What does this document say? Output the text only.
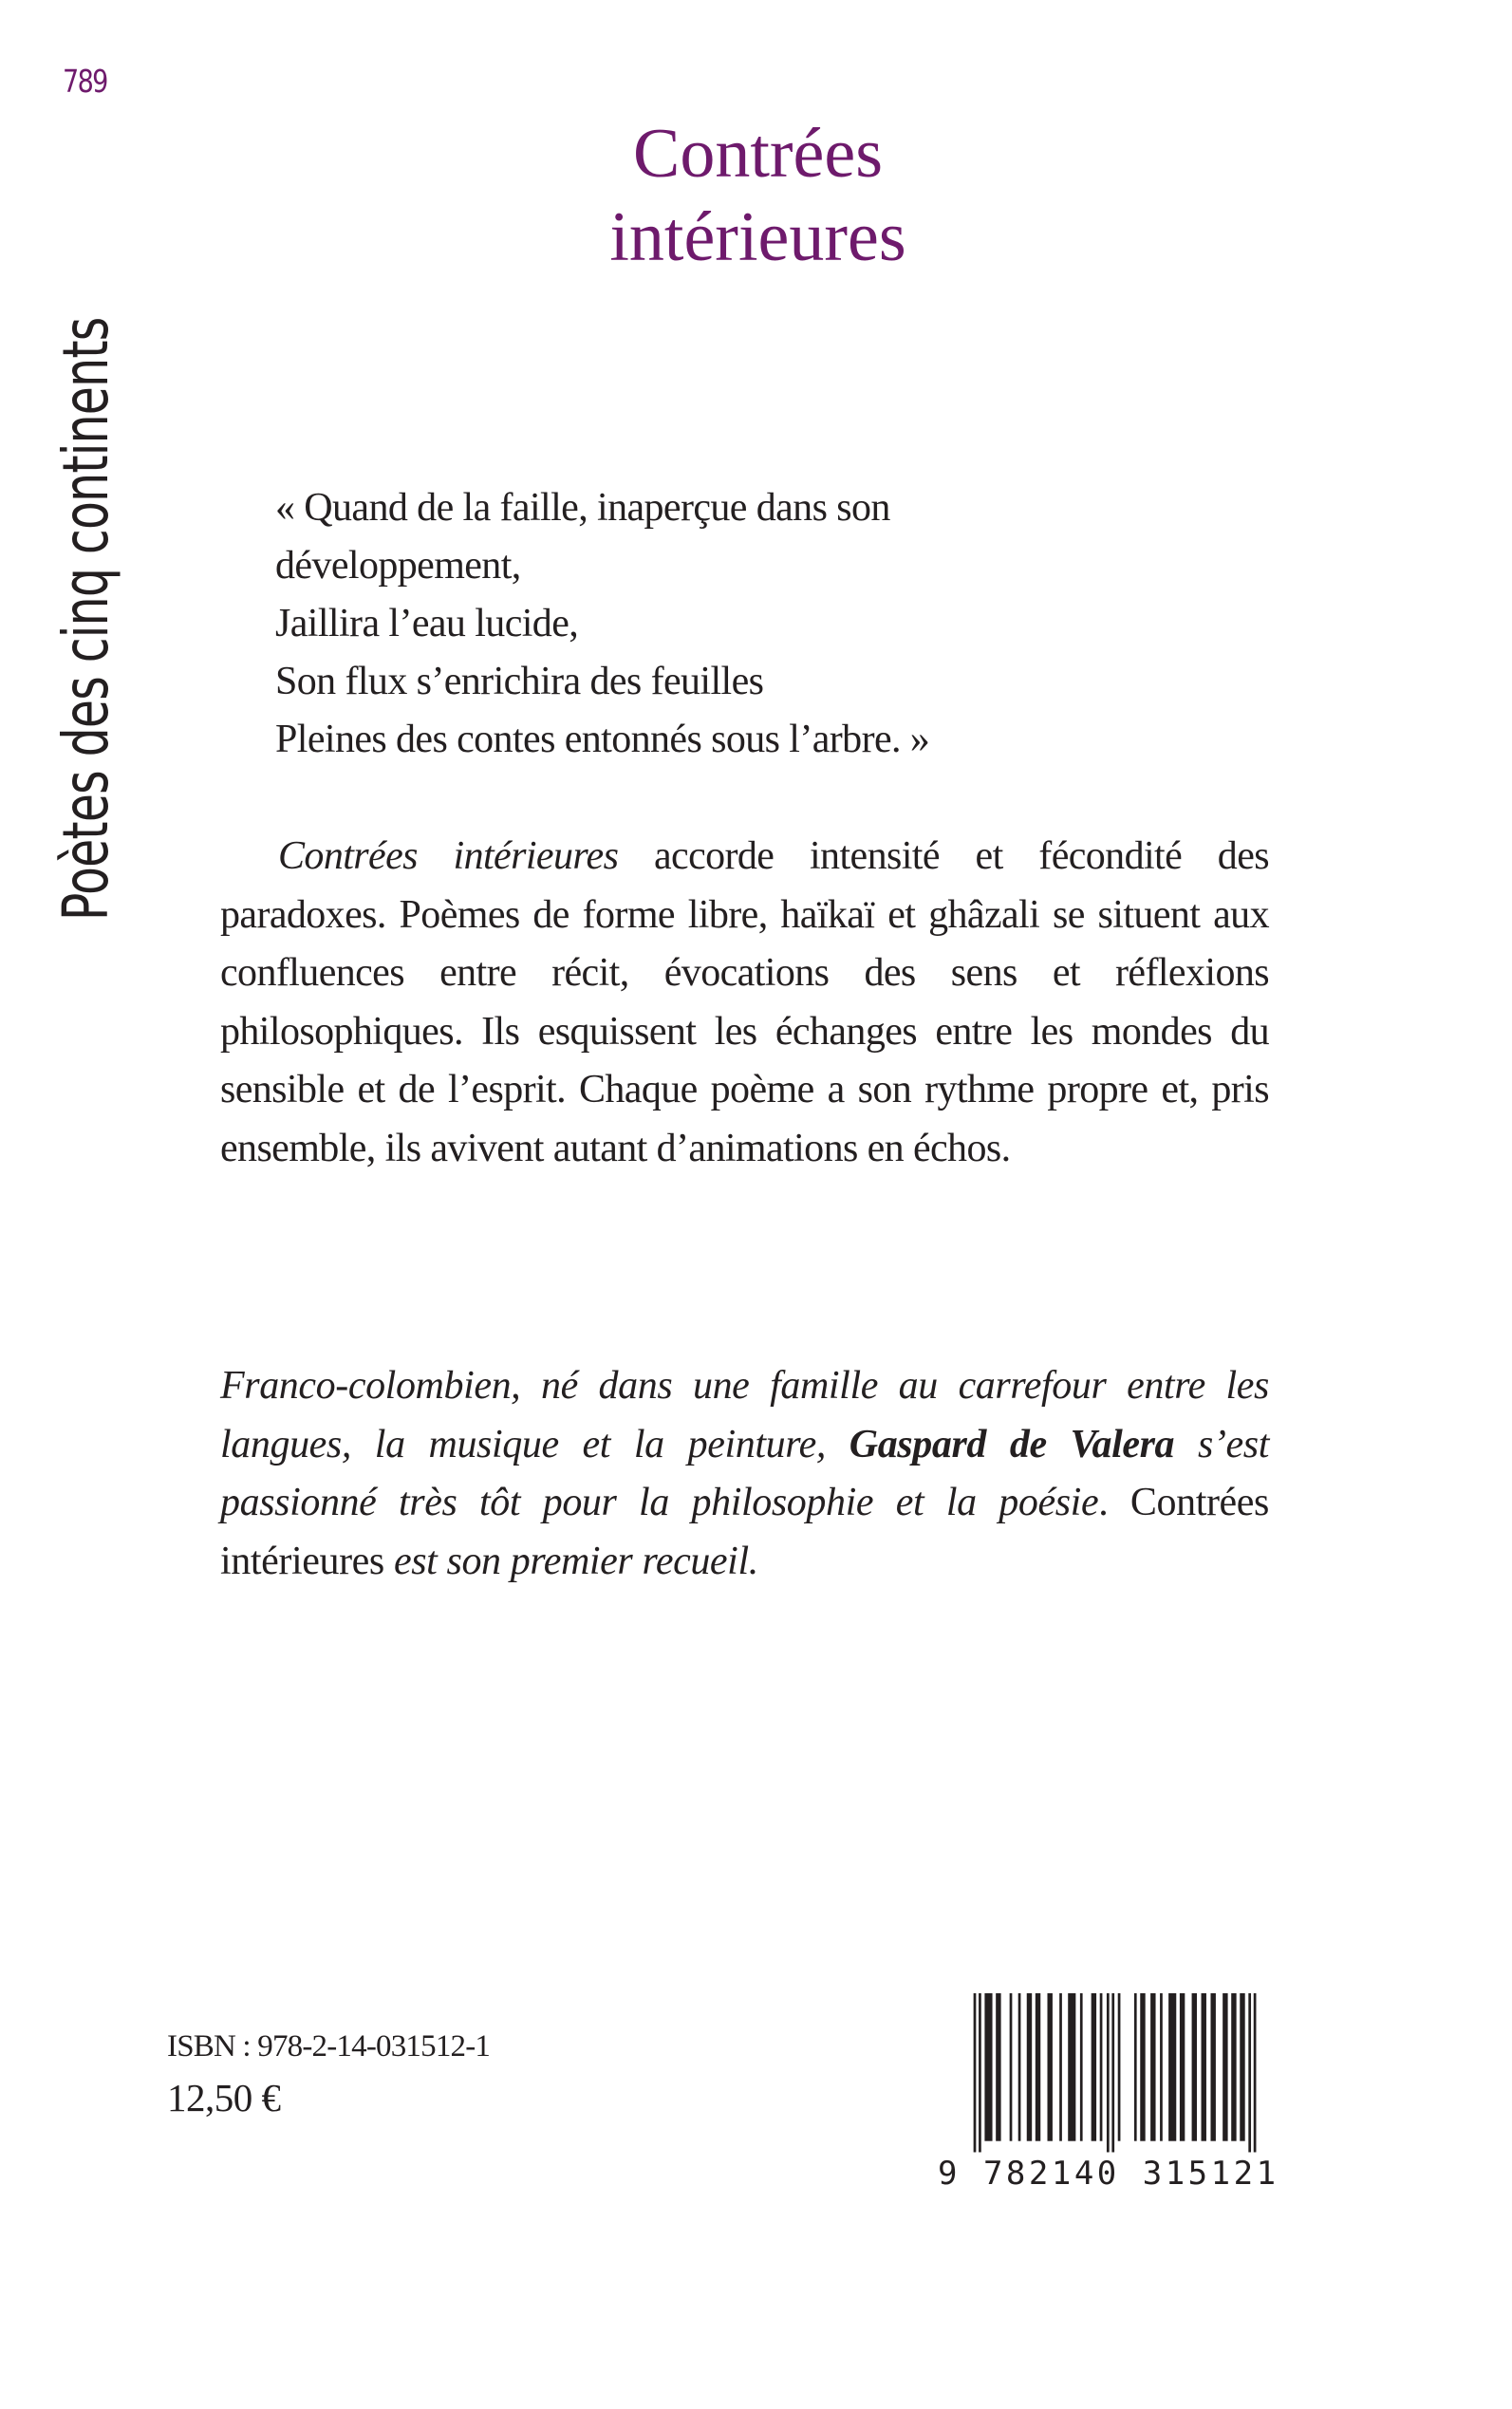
789
Poètes des cinq continents
Contrées
intérieures
« Quand de la faille, inaperçue dans son
développement,
Jaillira l’eau lucide,
Son flux s’enrichira des feuilles
Pleines des contes entonnés sous l’arbre. »
Contrées intérieures accorde intensité et fécondité des paradoxes. Poèmes de forme libre, haïkaï et ghâzali se situent aux confluences entre récit, évocations des sens et réflexions philosophiques. Ils esquissent les échanges entre les mondes du sensible et de l’esprit. Chaque poème a son rythme propre et, pris ensemble, ils avivent autant d’animations en échos.
Franco-colombien, né dans une famille au carrefour entre les langues, la musique et la peinture, Gaspard de Valera s’est passionné très tôt pour la philosophie et la poésie. Contrées intérieures est son premier recueil.
ISBN : 978-2-14-031512-1
12,50 €
9 782140 315121
